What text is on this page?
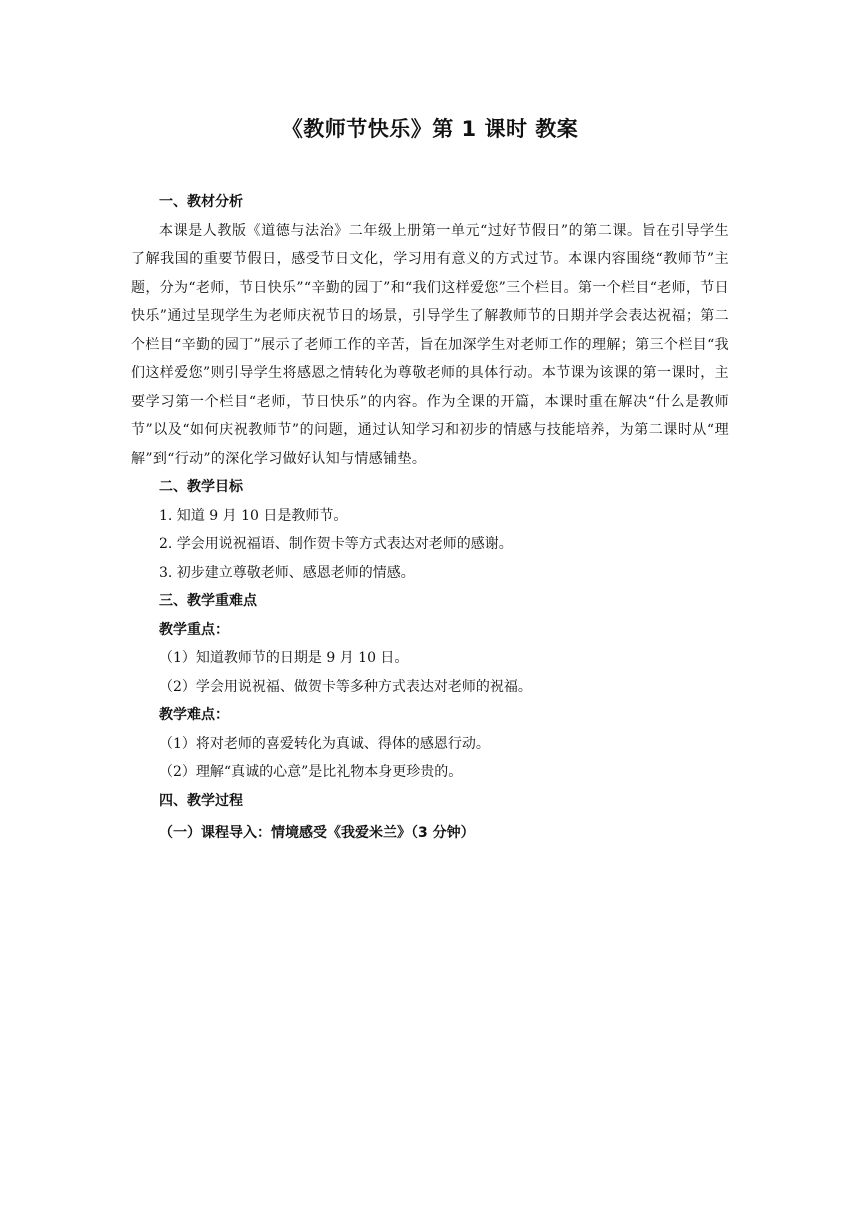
《教师节快乐》第 1 课时 教案

一、教材分析

本课是人教版《道德与法治》二年级上册第一单元“过好节假日”的第二课。旨在引导学生了解我国的重要节假日，感受节日文化，学习用有意义的方式过节。本课内容围绕“教师节”主题，分为“老师，节日快乐”“辛勤的园丁”和“我们这样爱您”三个栏目。第一个栏目“老师，节日快乐”通过呈现学生为老师庆祝节日的场景，引导学生了解教师节的日期并学会表达祝福；第二个栏目“辛勤的园丁”展示了老师工作的辛苦，旨在加深学生对老师工作的理解；第三个栏目“我们这样爱您”则引导学生将感恩之情转化为尊敬老师的具体行动。本节课为该课的第一课时，主要学习第一个栏目“老师，节日快乐”的内容。作为全课的开篇，本课时重在解决“什么是教师节”以及“如何庆祝教师节”的问题，通过认知学习和初步的情感与技能培养，为第二课时从“理解”到“行动”的深化学习做好认知与情感铺垫。

二、教学目标

1. 知道 9 月 10 日是教师节。

2. 学会用说祝福语、制作贺卡等方式表达对老师的感谢。

3. 初步建立尊敬老师、感恩老师的情感。

三、教学重难点

教学重点：

（1）知道教师节的日期是 9 月 10 日。

（2）学会用说祝福、做贺卡等多种方式表达对老师的祝福。

教学难点：

（1）将对老师的喜爱转化为真诚、得体的感恩行动。

（2）理解“真诚的心意”是比礼物本身更珍贵的。

四、教学过程

（一）课程导入：情境感受《我爱米兰》（3 分钟）
